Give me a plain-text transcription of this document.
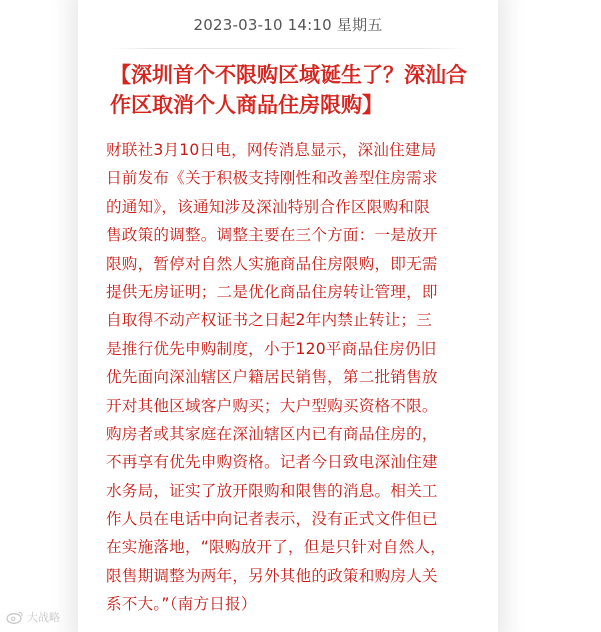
2023-03-10 14:10 星期五
【深圳首个不限购区域诞生了？深汕合作区取消个人商品住房限购】
财联社3月10日电，网传消息显示，深汕住建局
日前发布《关于积极支持刚性和改善型住房需求
的通知》，该通知涉及深汕特别合作区限购和限
售政策的调整。调整主要在三个方面：一是放开
限购，暂停对自然人实施商品住房限购，即无需
提供无房证明；二是优化商品住房转让管理，即
自取得不动产权证书之日起2年内禁止转让；三
是推行优先申购制度，小于120平商品住房仍旧
优先面向深汕辖区户籍居民销售，第二批销售放
开对其他区域客户购买；大户型购买资格不限。
购房者或其家庭在深汕辖区内已有商品住房的，
不再享有优先申购资格。记者今日致电深汕住建
水务局，证实了放开限购和限售的消息。相关工
作人员在电话中向记者表示，没有正式文件但已
在实施落地，“限购放开了，但是只针对自然人，
限售期调整为两年，另外其他的政策和购房人关
系不大。”（南方日报）
大战略
